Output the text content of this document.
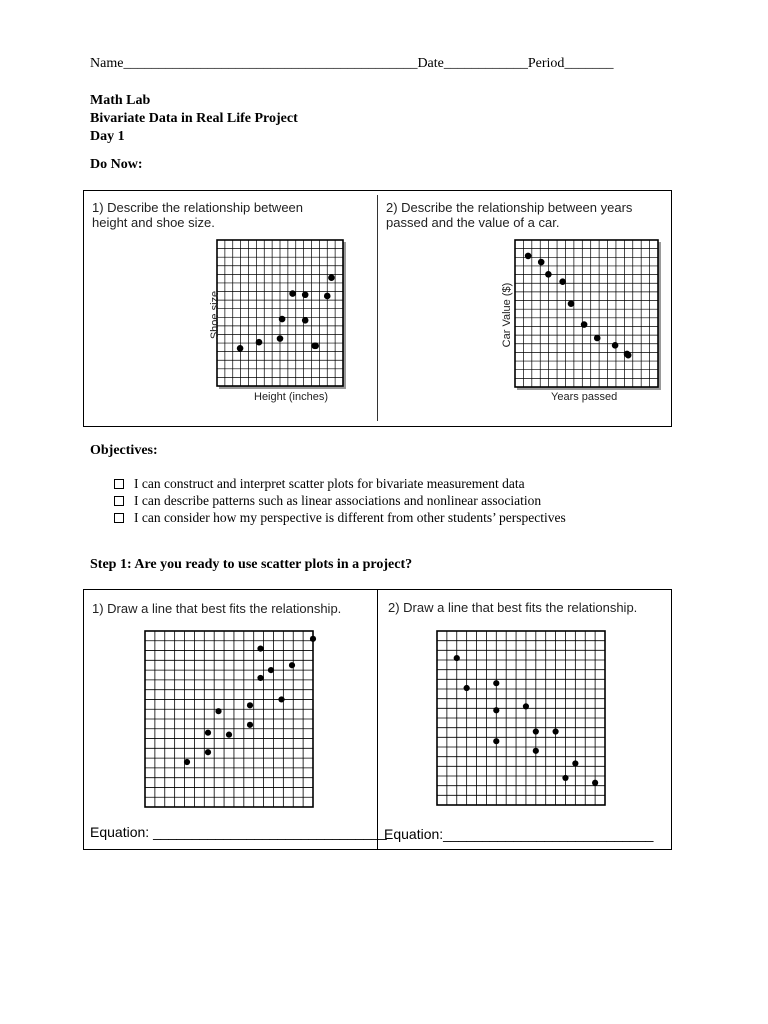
Name__________________________________________Date____________Period_______
Math Lab
Bivariate Data in Real Life Project
Day 1
Do Now:
1) Describe the relationship between
height and shoe size.
2) Describe the relationship between years
passed and the value of a car.
Height (inches)
Shoe size
Years passed
Car Value ($)
Objectives:
I can construct and interpret scatter plots for bivariate measurement data
I can describe patterns such as linear associations and nonlinear association
I can consider how my perspective is different from other students’ perspectives
Step 1: Are you ready to use scatter plots in a project?
1) Draw a line that best fits the relationship.	2) Draw a line that best fits the relationship.
Equation: ______________________________
Equation:___________________________
